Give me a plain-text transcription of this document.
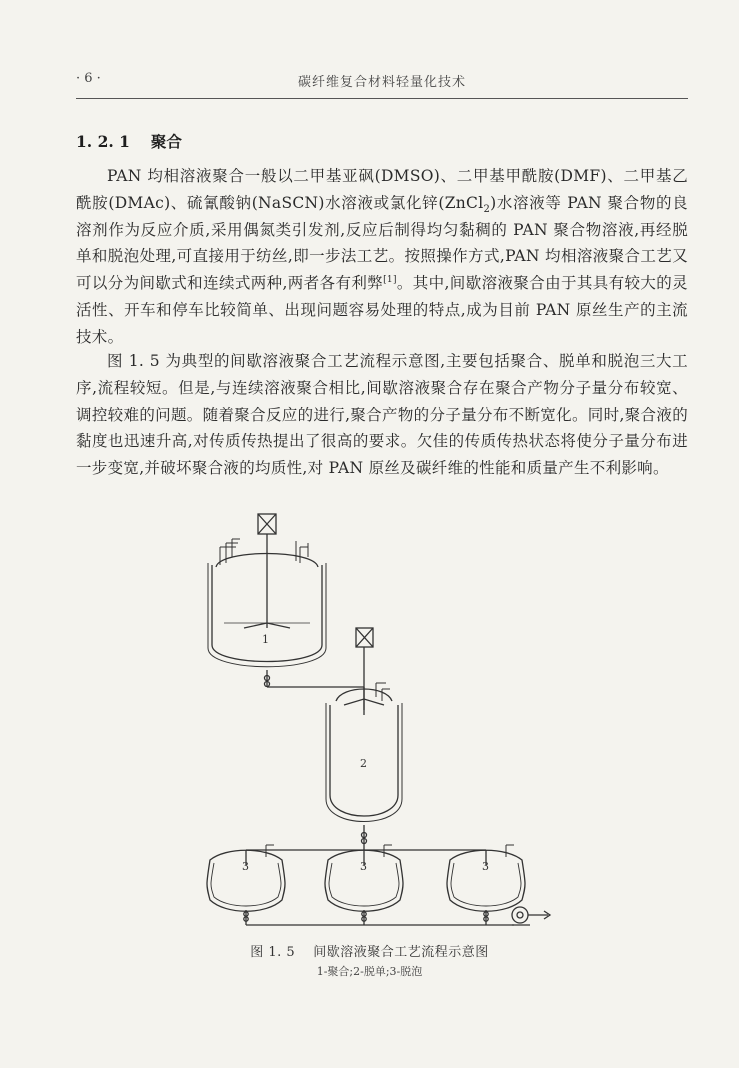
· 6 ·	碳纤维复合材料轻量化技术
1. 2. 1 　聚合

PAN 均相溶液聚合一般以二甲基亚砜(DMSO)、二甲基甲酰胺(DMF)、二甲基乙酰胺(DMAc)、硫氰酸钠(NaSCN)水溶液或氯化锌(ZnCl$_2$)水溶液等 PAN 聚合物的良溶剂作为反应介质,采用偶氮类引发剂,反应后制得均匀黏稠的 PAN 聚合物溶液,再经脱单和脱泡处理,可直接用于纺丝,即一步法工艺。按照操作方式,PAN 均相溶液聚合工艺又可以分为间歇式和连续式两种,两者各有利弊[1]。其中,间歇溶液聚合由于其具有较大的灵活性、开车和停车比较简单、出现问题容易处理的特点,成为目前 PAN 原丝生产的主流技术。

图 1. 5 为典型的间歇溶液聚合工艺流程示意图,主要包括聚合、脱单和脱泡三大工序,流程较短。但是,与连续溶液聚合相比,间歇溶液聚合存在聚合产物分子量分布较宽、调控较难的问题。随着聚合反应的进行,聚合产物的分子量分布不断宽化。同时,聚合液的黏度也迅速升高,对传质传热提出了很高的要求。欠佳的传质传热状态将使分子量分布进一步变宽,并破坏聚合液的均质性,对 PAN 原丝及碳纤维的性能和质量产生不利影响。

1
2
3	3	3
图 1. 5 　间歇溶液聚合工艺流程示意图
1-聚合;2-脱单;3-脱泡
